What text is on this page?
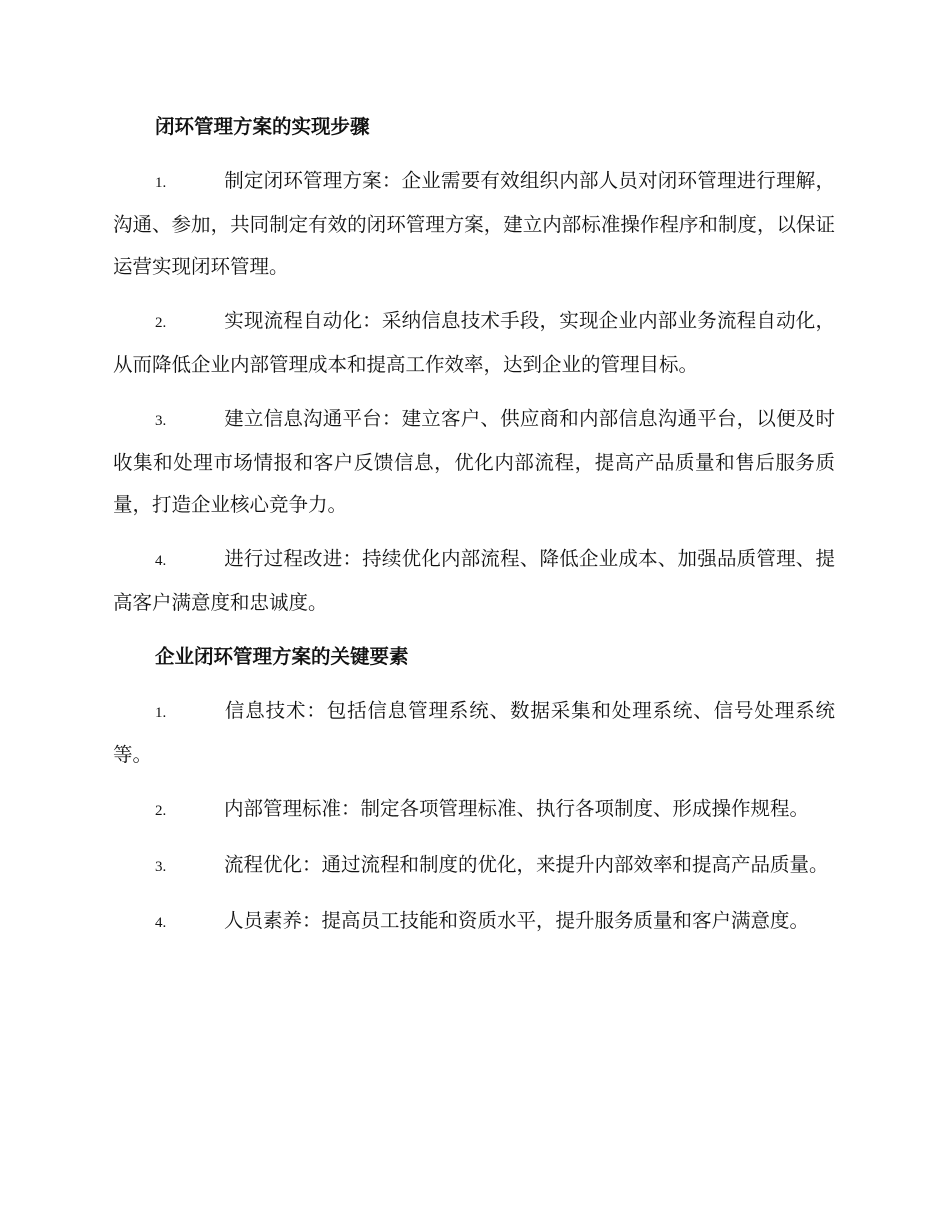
闭环管理方案的实现步骤

1.	制定闭环管理方案：企业需要有效组织内部人员对闭环管理进行理解，沟通、参加，共同制定有效的闭环管理方案，建立内部标准操作程序和制度，以保证运营实现闭环管理。

2.	实现流程自动化：采纳信息技术手段，实现企业内部业务流程自动化，从而降低企业内部管理成本和提高工作效率，达到企业的管理目标。

3.	建立信息沟通平台：建立客户、供应商和内部信息沟通平台，以便及时收集和处理市场情报和客户反馈信息，优化内部流程，提高产品质量和售后服务质量，打造企业核心竞争力。

4.	进行过程改进：持续优化内部流程、降低企业成本、加强品质管理、提高客户满意度和忠诚度。

企业闭环管理方案的关键要素

1.	信息技术：包括信息管理系统、数据采集和处理系统、信号处理系统等。

2.	内部管理标准：制定各项管理标准、执行各项制度、形成操作规程。

3.	流程优化：通过流程和制度的优化，来提升内部效率和提高产品质量。

4.	人员素养：提高员工技能和资质水平，提升服务质量和客户满意度。
